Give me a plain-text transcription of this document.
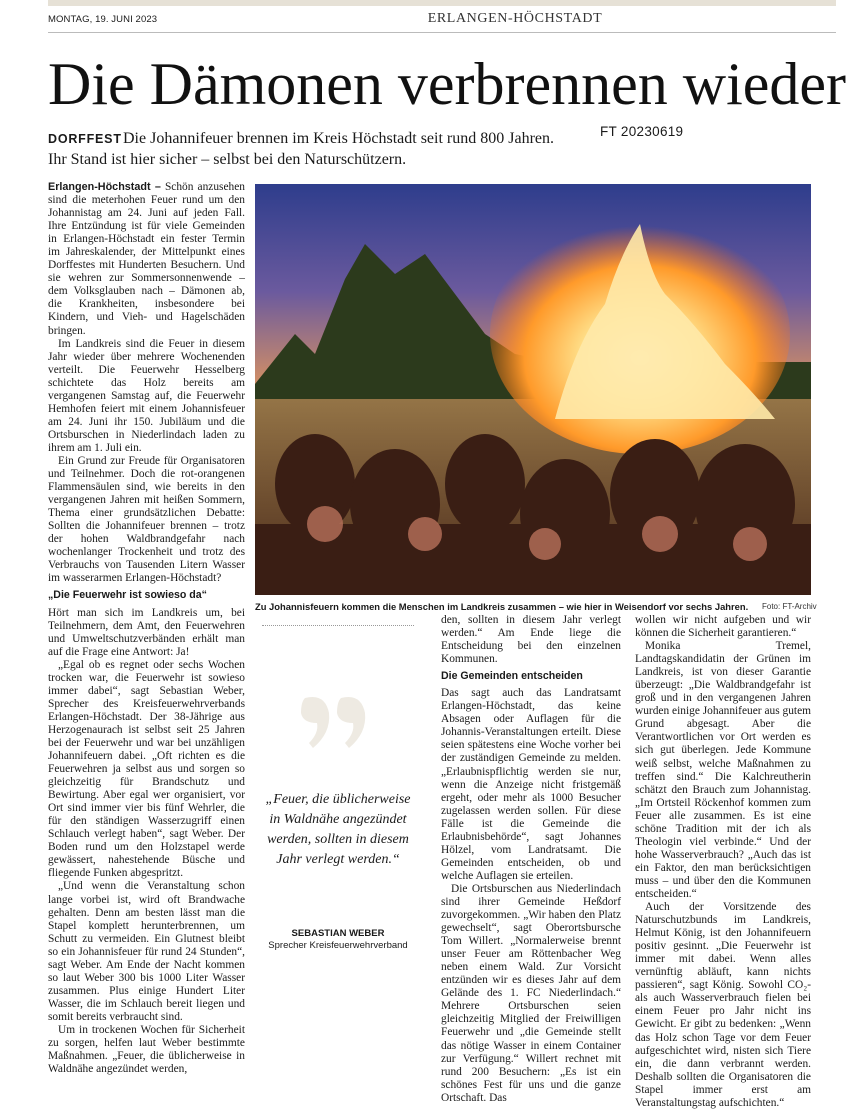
MONTAG, 19. JUNI 2023	ERLANGEN-HÖCHSTADT
Die Dämonen verbrennen wieder
DORFFEST Die Johannifeuer brennen im Kreis Höchstadt seit rund 800 Jahren.
Ihr Stand ist hier sicher – selbst bei den Naturschützern.
FT 20230619

Erlangen-Höchstadt – Schön anzusehen sind die meterhohen Feuer rund um den Johannistag am 24. Juni auf jeden Fall. Ihre Entzündung ist für viele Gemeinden in Erlangen-Höchstadt ein fester Termin im Jahreskalender, der Mittelpunkt eines Dorffestes mit Hunderten Besuchern. Und sie wehren zur Sommersonnenwende – dem Volksglauben nach – Dämonen ab, die Krankheiten, insbesondere bei Kindern, und Vieh- und Hagelschäden bringen.

Im Landkreis sind die Feuer in diesem Jahr wieder über mehrere Wochenenden verteilt. Die Feuerwehr Hesselberg schichtete das Holz bereits am vergangenen Samstag auf, die Feuerwehr Hemhofen feiert mit einem Johannisfeuer am 24. Juni ihr 150. Jubiläum und die Ortsburschen in Niederlindach laden zu ihrem am 1. Juli ein.

Ein Grund zur Freude für Organisatoren und Teilnehmer. Doch die rot-orangenen Flammensäulen sind, wie bereits in den vergangenen Jahren mit heißen Sommern, Thema einer grundsätzlichen Debatte: Sollten die Johannifeuer brennen – trotz der hohen Waldbrandgefahr nach wochenlanger Trockenheit und trotz des Verbrauchs von Tausenden Litern Wasser im wasserarmen Erlangen-Höchstadt?

„Die Feuerwehr ist sowieso da“

Hört man sich im Landkreis um, bei Teilnehmern, dem Amt, den Feuerwehren und Umweltschutzverbänden erhält man auf die Frage eine Antwort: Ja!

„Egal ob es regnet oder sechs Wochen trocken war, die Feuerwehr ist sowieso immer dabei“, sagt Sebastian Weber, Sprecher des Kreisfeuerwehrverbands Erlangen-Höchstadt. Der 38-Jährige aus Herzogenaurach ist selbst seit 25 Jahren bei der Feuerwehr und war bei unzähligen Johannifeuern dabei. „Oft richten es die Feuerwehren ja selbst aus und sorgen so gleichzeitig für Brandschutz und Bewirtung. Aber egal wer organisiert, vor Ort sind immer vier bis fünf Wehrler, die für den ständigen Wasserzugriff einen Schlauch verlegt haben“, sagt Weber. Der Boden rund um den Holzstapel werde gewässert, nahestehende Büsche und fliegende Funken abgespritzt.

„Und wenn die Veranstaltung schon lange vorbei ist, wird oft Brandwache gehalten. Denn am besten lässt man die Stapel komplett herunterbrennen, um Schutt zu vermeiden. Ein Glutnest bleibt so ein Johannisfeuer für rund 24 Stunden“, sagt Weber. Am Ende der Nacht kommen so laut Weber 300 bis 1000 Liter Wasser zusammen. Plus einige Hundert Liter Wasser, die im Schlauch bereit liegen und somit bereits verbraucht sind.

Um in trockenen Wochen für Sicherheit zu sorgen, helfen laut Weber bestimmte Maßnahmen. „Feuer, die üblicherweise in Waldnähe angezündet werden,

Zu Johannisfeuern kommen die Menschen im Landkreis zusammen – wie hier in Weisendorf vor sechs Jahren.	Foto: FT-Archiv
„Feuer, die üblicherweise in Waldnähe angezündet werden, sollten in diesem Jahr verlegt werden.“
SEBASTIAN WEBER
Sprecher Kreisfeuerwehrverband

den, sollten in diesem Jahr verlegt werden.“ Am Ende liege die Entscheidung bei den einzelnen Kommunen.

Die Gemeinden entscheiden

Das sagt auch das Landratsamt Erlangen-Höchstadt, das keine Absagen oder Auflagen für die Johannis-Veranstaltungen erteilt. Diese seien spätestens eine Woche vorher bei der zuständigen Gemeinde zu melden. „Erlaubnispflichtig werden sie nur, wenn die Anzeige nicht fristgemäß ergeht, oder mehr als 1000 Besucher zugelassen werden sollen. Für diese Fälle ist die Gemeinde die Erlaubnisbehörde“, sagt Johannes Hölzel, vom Landratsamt. Die Gemeinden entscheiden, ob und welche Auflagen sie erteilen.

Die Ortsburschen aus Niederlindach sind ihrer Gemeinde Heßdorf zuvorgekommen. „Wir haben den Platz gewechselt“, sagt Oberortsbursche Tom Willert. „Normalerweise brennt unser Feuer am Röttenbacher Weg neben einem Wald. Zur Vorsicht entzünden wir es dieses Jahr auf dem Gelände des 1. FC Niederlindach.“ Mehrere Ortsburschen seien gleichzeitig Mitglied der Freiwilligen Feuerwehr und „die Gemeinde stellt das nötige Wasser in einem Container zur Verfügung.“ Willert rechnet mit rund 200 Besuchern: „Es ist ein schönes Fest für uns und die ganze Ortschaft. Das

wollen wir nicht aufgeben und wir können die Sicherheit garantieren.“

Monika Tremel, Landtagskandidatin der Grünen im Landkreis, ist von dieser Garantie überzeugt: „Die Waldbrandgefahr ist groß und in den vergangenen Jahren wurden einige Johannifeuer aus gutem Grund abgesagt. Aber die Verantwortlichen vor Ort werden es sich gut überlegen. Jede Kommune weiß selbst, welche Maßnahmen zu treffen sind.“ Die Kalchreutherin schätzt den Brauch zum Johannistag. „Im Ortsteil Röckenhof kommen zum Feuer alle zusammen. Es ist eine schöne Tradition mit der ich als Theologin viel verbinde.“ Und der hohe Wasserverbrauch? „Auch das ist ein Faktor, den man berücksichtigen muss – und über den die Kommunen entscheiden.“

Auch der Vorsitzende des Naturschutzbunds im Landkreis, Helmut König, ist den Johannifeuern positiv gesinnt. „Die Feuerwehr ist immer mit dabei. Wenn alles vernünftig abläuft, kann nichts passieren“, sagt König. Sowohl CO₂- als auch Wasserverbrauch fielen bei einem Feuer pro Jahr nicht ins Gewicht. Er gibt zu bedenken: „Wenn das Holz schon Tage vor dem Feuer aufgeschichtet wird, nisten sich Tiere ein, die dann verbrannt werden. Deshalb sollten die Organisatoren die Stapel immer erst am Veranstaltungstag aufschichten.“
